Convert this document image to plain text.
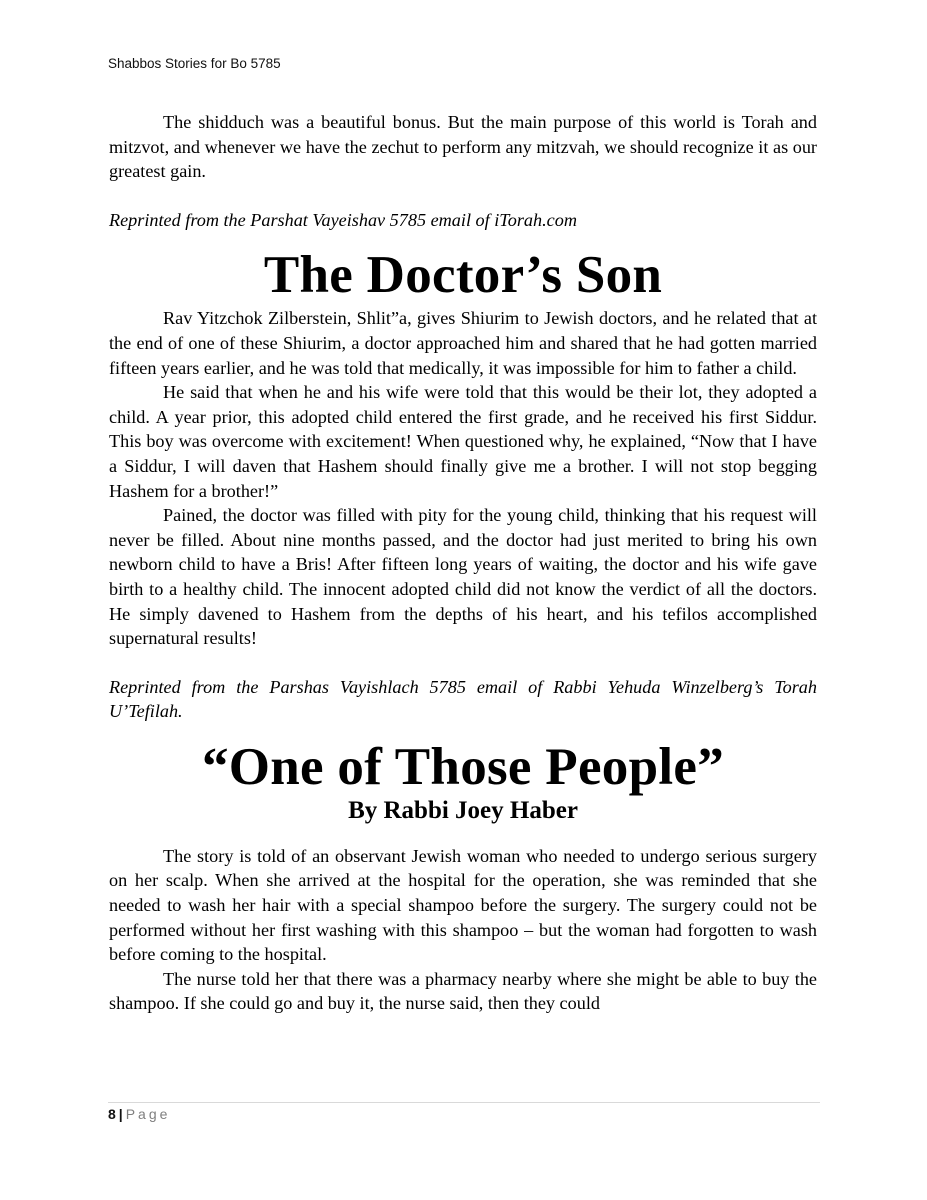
Shabbos Stories for Bo 5785

The shidduch was a beautiful bonus. But the main purpose of this world is Torah and mitzvot, and whenever we have the zechut to perform any mitzvah, we should recognize it as our greatest gain.

Reprinted from the Parshat Vayeishav 5785 email of iTorah.com

The Doctor’s Son

Rav Yitzchok Zilberstein, Shlit”a, gives Shiurim to Jewish doctors, and he related that at the end of one of these Shiurim, a doctor approached him and shared that he had gotten married fifteen years earlier, and he was told that medically, it was impossible for him to father a child.

He said that when he and his wife were told that this would be their lot, they adopted a child. A year prior, this adopted child entered the first grade, and he received his first Siddur. This boy was overcome with excitement! When questioned why, he explained, “Now that I have a Siddur, I will daven that Hashem should finally give me a brother. I will not stop begging Hashem for a brother!”

Pained, the doctor was filled with pity for the young child, thinking that his request will never be filled. About nine months passed, and the doctor had just merited to bring his own newborn child to have a Bris! After fifteen long years of waiting, the doctor and his wife gave birth to a healthy child. The innocent adopted child did not know the verdict of all the doctors. He simply davened to Hashem from the depths of his heart, and his tefilos accomplished supernatural results!

Reprinted from the Parshas Vayishlach 5785 email of Rabbi Yehuda Winzelberg’s Torah U’Tefilah.

“One of Those People”
By Rabbi Joey Haber

The story is told of an observant Jewish woman who needed to undergo serious surgery on her scalp. When she arrived at the hospital for the operation, she was reminded that she needed to wash her hair with a special shampoo before the surgery. The surgery could not be performed without her first washing with this shampoo – but the woman had forgotten to wash before coming to the hospital.

The nurse told her that there was a pharmacy nearby where she might be able to buy the shampoo. If she could go and buy it, the nurse said, then they could

8 | Page
